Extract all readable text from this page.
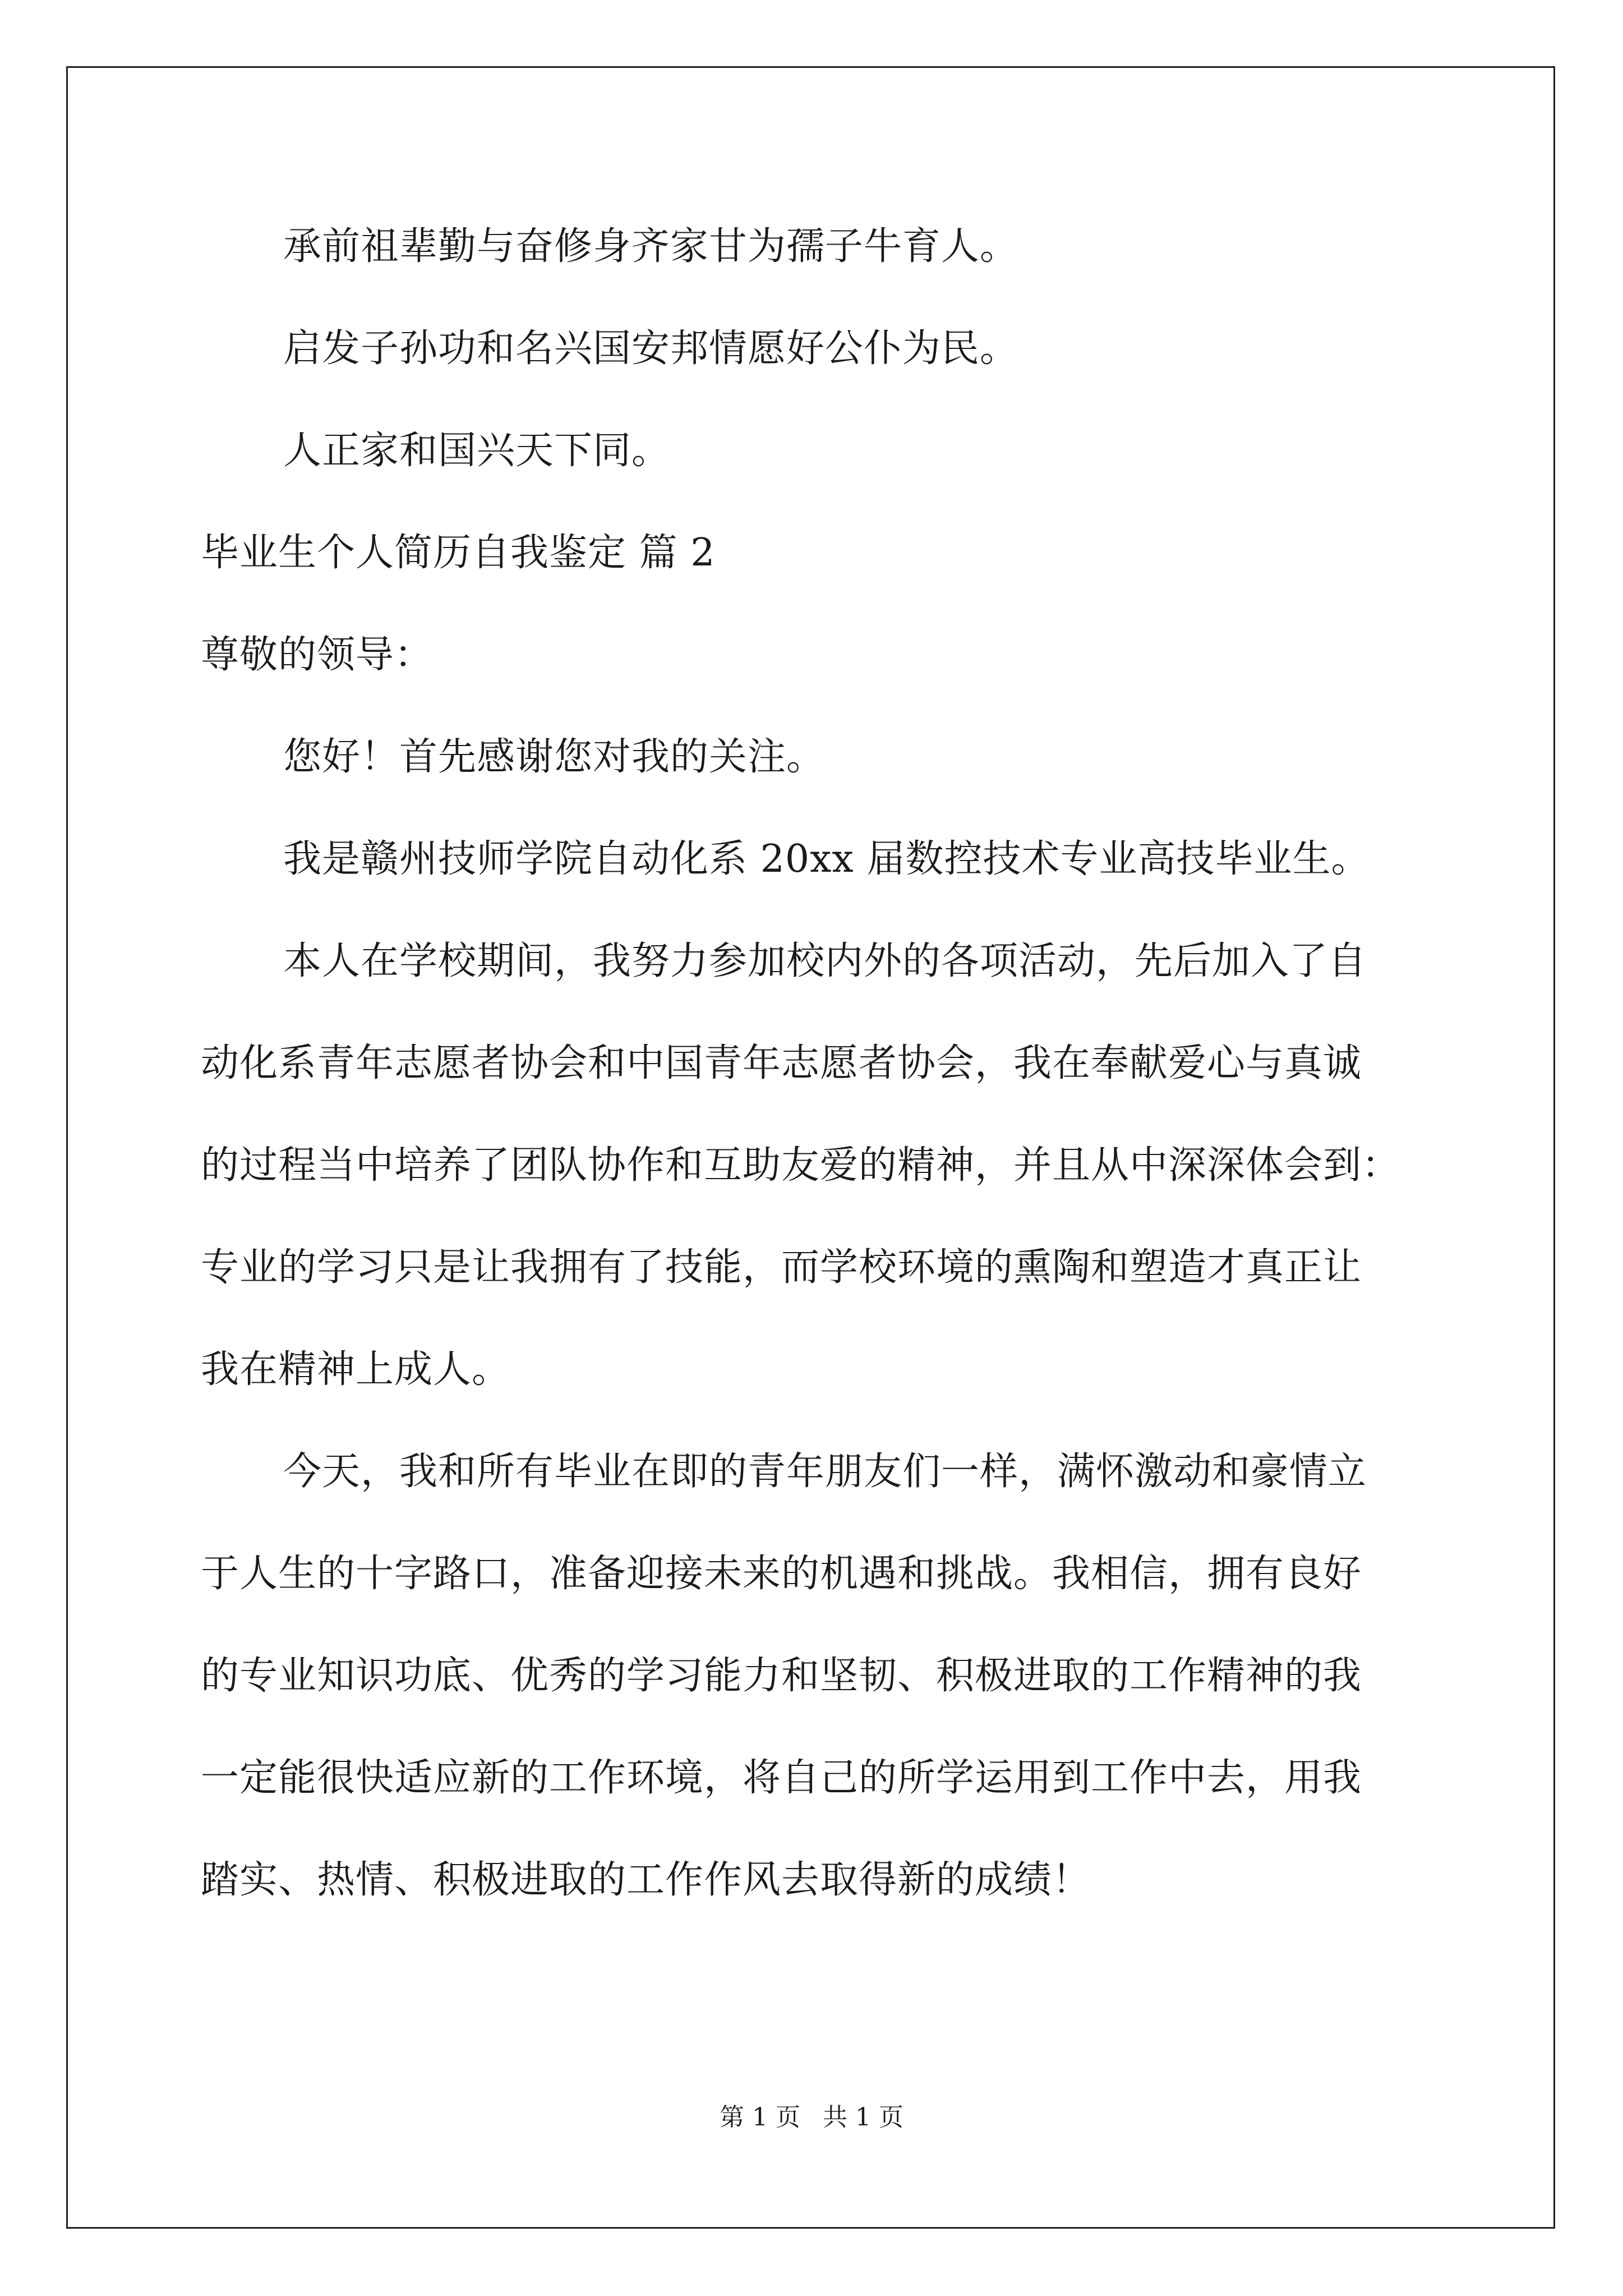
承前祖辈勤与奋修身齐家甘为孺子牛育人。
启发子孙功和名兴国安邦情愿好公仆为民。
人正家和国兴天下同。
毕业生个人简历自我鉴定 篇 2
尊敬的领导：
您好！首先感谢您对我的关注。
我是赣州技师学院自动化系 20xx 届数控技术专业高技毕业生。
本人在学校期间，我努力参加校内外的各项活动，先后加入了自
动化系青年志愿者协会和中国青年志愿者协会，我在奉献爱心与真诚
的过程当中培养了团队协作和互助友爱的精神，并且从中深深体会到：
专业的学习只是让我拥有了技能，而学校环境的熏陶和塑造才真正让
我在精神上成人。
今天，我和所有毕业在即的青年朋友们一样，满怀激动和豪情立
于人生的十字路口，准备迎接未来的机遇和挑战。我相信，拥有良好
的专业知识功底、优秀的学习能力和坚韧、积极进取的工作精神的我
一定能很快适应新的工作环境，将自己的所学运用到工作中去，用我
踏实、热情、积极进取的工作作风去取得新的成绩！
第 1 页 共 1 页
